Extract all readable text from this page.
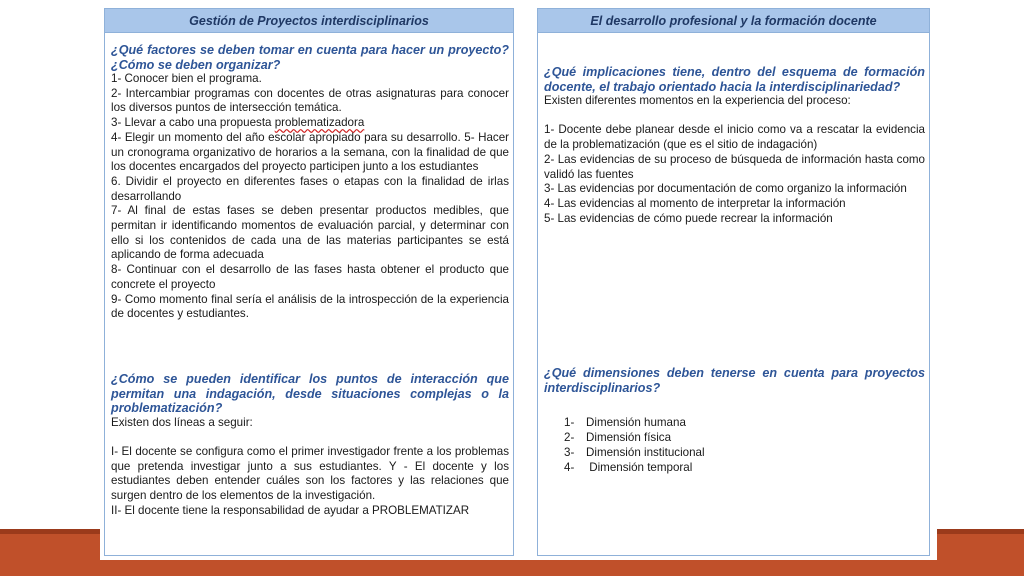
Gestión de Proyectos interdisciplinarios
¿Qué factores se deben tomar en cuenta para hacer un proyecto? ¿Cómo se deben organizar?
1- Conocer bien el programa.
2- Intercambiar programas con docentes de otras asignaturas para conocer los diversos puntos de intersección temática.
3- Llevar a cabo una propuesta problematizadora
4- Elegir un momento del año escolar apropiado para su desarrollo. 5- Hacer un cronograma organizativo de horarios a la semana, con la finalidad de que los docentes encargados del proyecto participen junto a los estudiantes
6. Dividir el proyecto en diferentes fases o etapas con la finalidad de irlas desarrollando
7- Al final de estas fases se deben presentar productos medibles, que permitan ir identificando momentos de evaluación parcial, y determinar con ello si los contenidos de cada una de las materias participantes se está aplicando de forma adecuada
8- Continuar con el desarrollo de las fases hasta obtener el producto que concrete el proyecto
9- Como momento final sería el análisis de la introspección de la experiencia de docentes y estudiantes.
¿Cómo se pueden identificar los puntos de interacción que permitan una indagación, desde situaciones complejas o la problematización?
Existen dos líneas a seguir:
I- El docente se configura como el primer investigador frente a los problemas que pretenda investigar junto a sus estudiantes. Y - El docente y los estudiantes deben entender cuáles son los factores y las relaciones que surgen dentro de los elementos de la investigación.
II- El docente tiene la responsabilidad de ayudar a PROBLEMATIZAR
El desarrollo profesional y la formación docente
¿Qué implicaciones tiene, dentro del esquema de formación docente, el trabajo orientado hacia la interdisciplinariedad?
Existen diferentes momentos en la experiencia del proceso:
1- Docente debe planear desde el inicio como va a rescatar la evidencia de la problematización (que es el sitio de indagación)
2- Las evidencias de su proceso de búsqueda de información hasta como validó las fuentes
3- Las evidencias por documentación de como organizo la información
4- Las evidencias al momento de interpretar la información
5- Las evidencias de cómo puede recrear la información
¿Qué dimensiones deben tenerse en cuenta para proyectos interdisciplinarios?
1- Dimensión humana
2- Dimensión física
3- Dimensión institucional
4- Dimensión temporal
